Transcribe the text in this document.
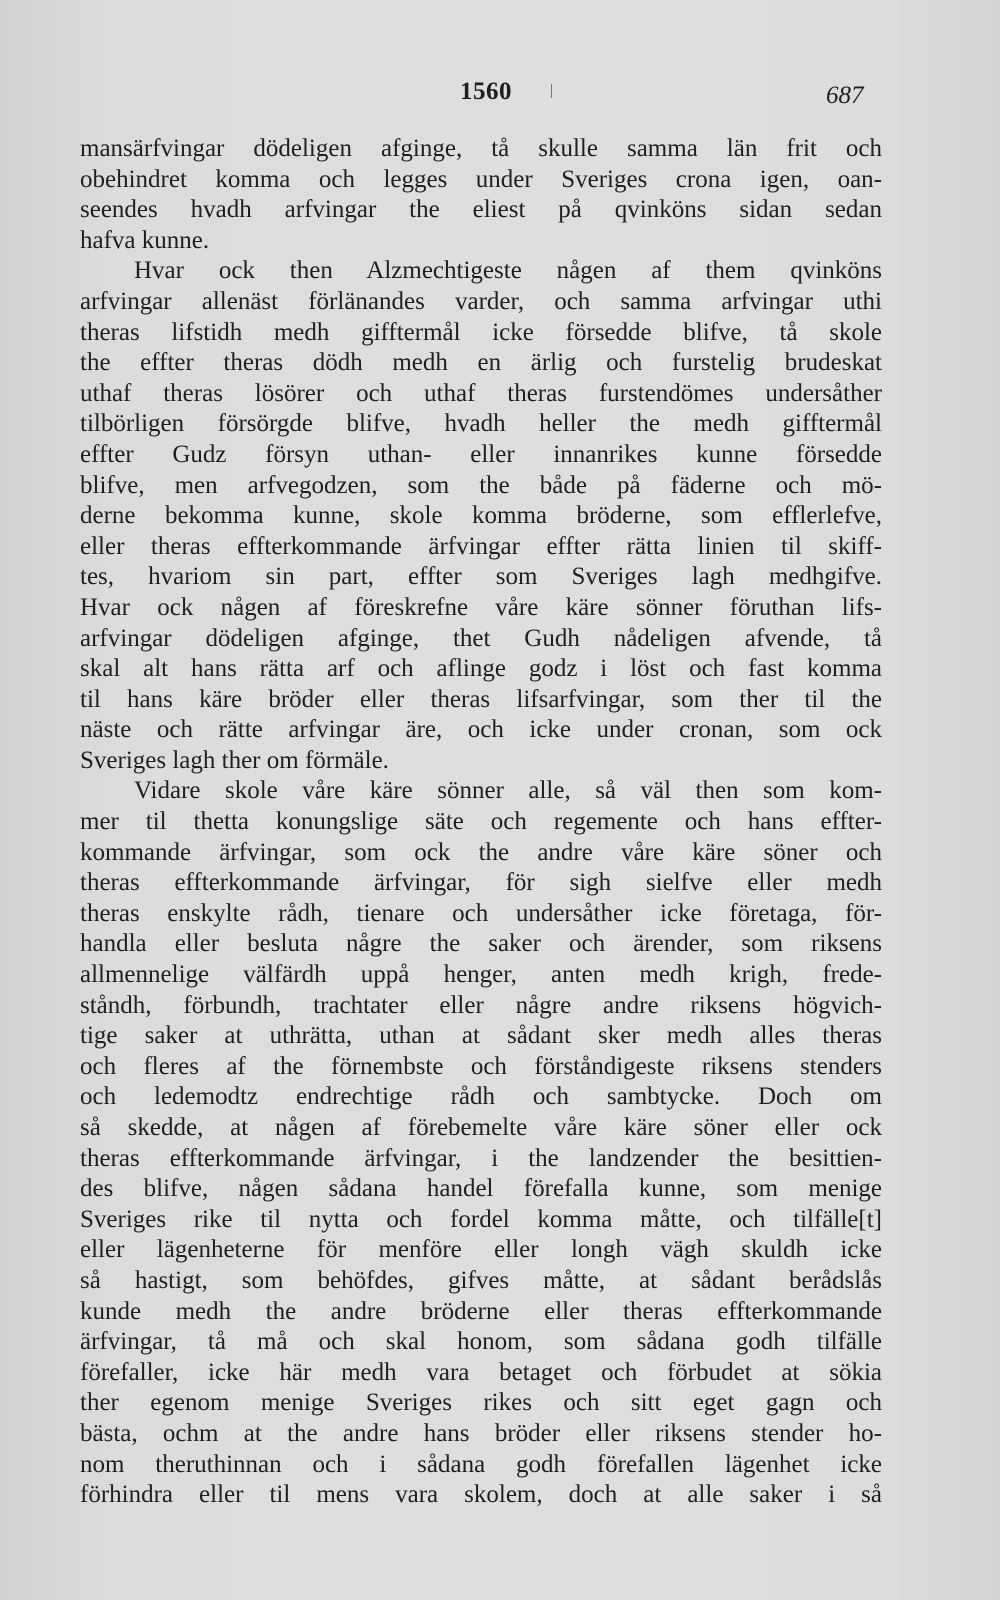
1560	687
mansärfvingar dödeligen afginge, tå skulle samma län frit och
obehindret komma och legges under Sveriges crona igen, oan-
seendes hvadh arfvingar the eliest på qvinköns sidan sedan
hafva kunne.
Hvar ock then Alzmechtigeste någen af them qvinköns
arfvingar allenäst förlänandes varder, och samma arfvingar uthi
theras lifstidh medh gifftermål icke försedde blifve, tå skole
the effter theras dödh medh en ärlig och furstelig brudeskat
uthaf theras lösörer och uthaf theras furstendömes undersåther
tilbörligen försörgde blifve, hvadh heller the medh gifftermål
effter Gudz försyn uthan- eller innanrikes kunne försedde
blifve, men arfvegodzen, som the både på fäderne och mö-
derne bekomma kunne, skole komma bröderne, som efflerlefve,
eller theras effterkommande ärfvingar effter rätta linien til skiff-
tes, hvariom sin part, effter som Sveriges lagh medhgifve.
Hvar ock någen af föreskrefne våre käre sönner föruthan lifs-
arfvingar dödeligen afginge, thet Gudh nådeligen afvende, tå
skal alt hans rätta arf och aflinge godz i löst och fast komma
til hans käre bröder eller theras lifsarfvingar, som ther til the
näste och rätte arfvingar äre, och icke under cronan, som ock
Sveriges lagh ther om förmäle.
Vidare skole våre käre sönner alle, så väl then som kom-
mer til thetta konungslige säte och regemente och hans effter-
kommande ärfvingar, som ock the andre våre käre söner och
theras effterkommande ärfvingar, för sigh sielfve eller medh
theras enskylte rådh, tienare och undersåther icke företaga, för-
handla eller besluta någre the saker och ärender, som riksens
allmennelige välfärdh uppå henger, anten medh krigh, frede-
ståndh, förbundh, trachtater eller någre andre riksens högvich-
tige saker at uthrätta, uthan at sådant sker medh alles theras
och fleres af the förnembste och förståndigeste riksens stenders
och ledemodtz endrechtige rådh och sambtycke. Doch om
så skedde, at någen af förebemelte våre käre söner eller ock
theras effterkommande ärfvingar, i the landzender the besittien-
des blifve, någen sådana handel förefalla kunne, som menige
Sveriges rike til nytta och fordel komma måtte, och tilfälle[t]
eller lägenheterne för menföre eller longh vägh skuldh icke
så hastigt, som behöfdes, gifves måtte, at sådant berådslås
kunde medh the andre bröderne eller theras effterkommande
ärfvingar, tå må och skal honom, som sådana godh tilfälle
förefaller, icke här medh vara betaget och förbudet at sökia
ther egenom menige Sveriges rikes och sitt eget gagn och
bästa, ochm at the andre hans bröder eller riksens stender ho-
nom theruthinnan och i sådana godh förefallen lägenhet icke
förhindra eller til mens vara skolem, doch at alle saker i så
